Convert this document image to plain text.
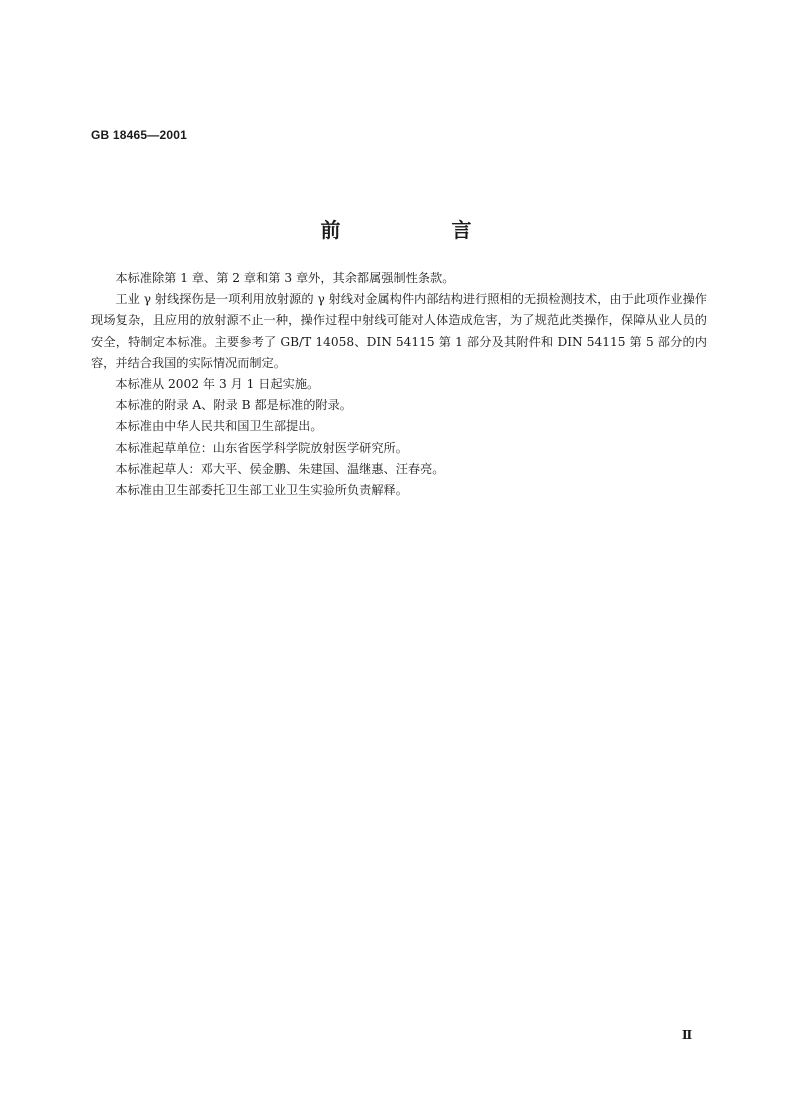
GB 18465—2001
前 言

本标准除第 1 章、第 2 章和第 3 章外，其余都属强制性条款。

工业 γ 射线探伤是一项利用放射源的 γ 射线对金属构件内部结构进行照相的无损检测技术，由于此项作业操作现场复杂，且应用的放射源不止一种，操作过程中射线可能对人体造成危害，为了规范此类操作，保障从业人员的安全，特制定本标准。主要参考了 GB/T 14058、DIN 54115 第 1 部分及其附件和 DIN 54115 第 5 部分的内容，并结合我国的实际情况而制定。

本标准从 2002 年 3 月 1 日起实施。

本标准的附录 A、附录 B 都是标准的附录。

本标准由中华人民共和国卫生部提出。

本标准起草单位：山东省医学科学院放射医学研究所。

本标准起草人：邓大平、侯金鹏、朱建国、温继惠、汪春亮。

本标准由卫生部委托卫生部工业卫生实验所负责解释。

Ⅱ
